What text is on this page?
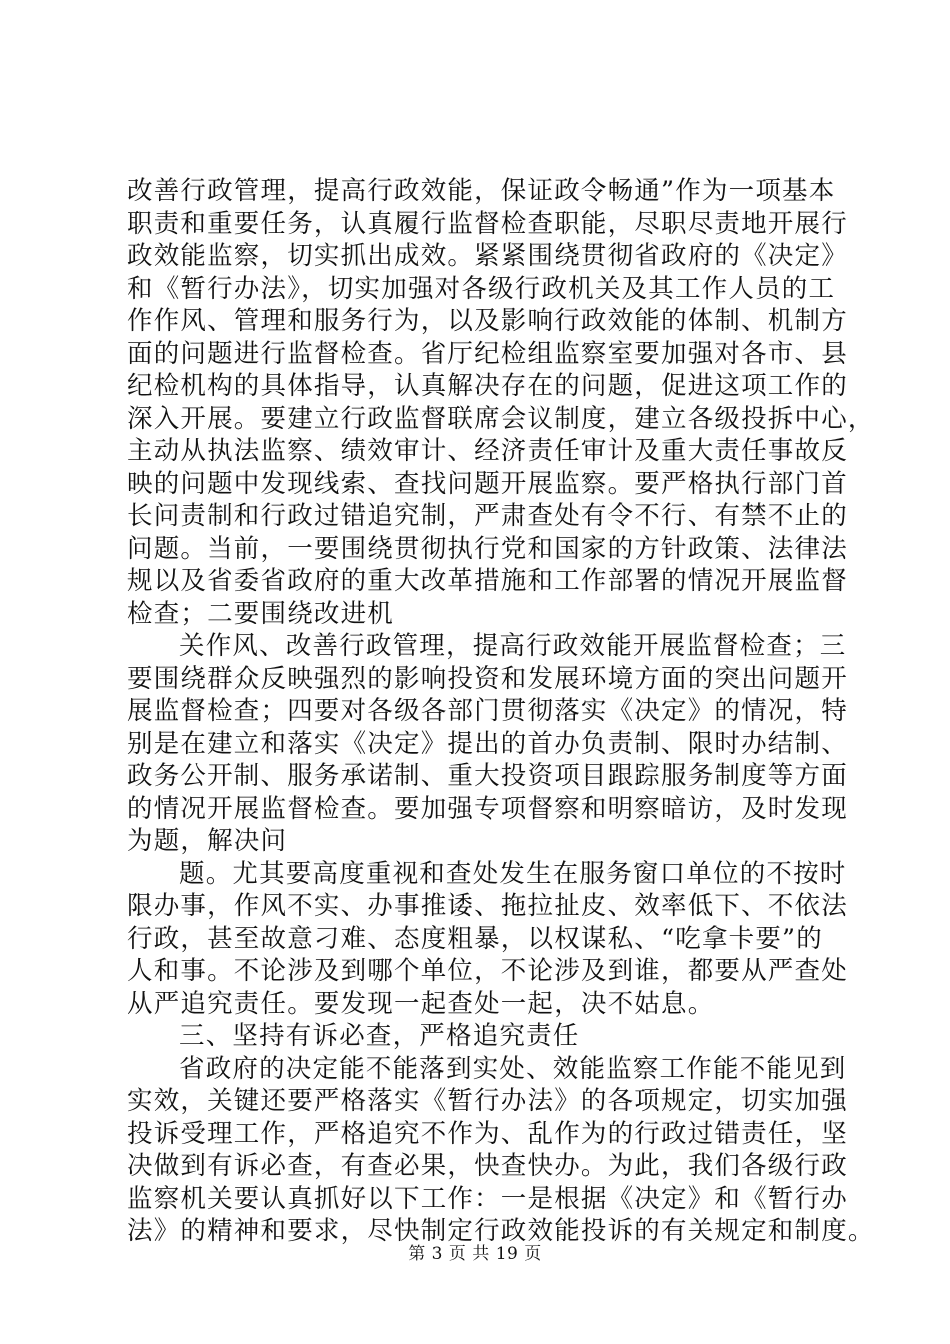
改善行政管理，提高行政效能，保证政令畅通”作为一项基本
职责和重要任务，认真履行监督检查职能，尽职尽责地开展行
政效能监察，切实抓出成效。紧紧围绕贯彻省政府的《决定》
和《暂行办法》，切实加强对各级行政机关及其工作人员的工
作作风、管理和服务行为，以及影响行政效能的体制、机制方
面的问题进行监督检查。省厅纪检组监察室要加强对各市、县
纪检机构的具体指导，认真解决存在的问题，促进这项工作的
深入开展。要建立行政监督联席会议制度，建立各级投拆中心，
主动从执法监察、绩效审计、经济责任审计及重大责任事故反
映的问题中发现线索、查找问题开展监察。要严格执行部门首
长问责制和行政过错追究制，严肃查处有令不行、有禁不止的
问题。当前，一要围绕贯彻执行党和国家的方针政策、法律法
规以及省委省政府的重大改革措施和工作部署的情况开展监督
检查；二要围绕改进机
关作风、改善行政管理，提高行政效能开展监督检查；三
要围绕群众反映强烈的影响投资和发展环境方面的突出问题开
展监督检查；四要对各级各部门贯彻落实《决定》的情况，特
别是在建立和落实《决定》提出的首办负责制、限时办结制、
政务公开制、服务承诺制、重大投资项目跟踪服务制度等方面
的情况开展监督检查。要加强专项督察和明察暗访，及时发现
为题，解决问
题。尤其要高度重视和查处发生在服务窗口单位的不按时
限办事，作风不实、办事推诿、拖拉扯皮、效率低下、不依法
行政，甚至故意刁难、态度粗暴，以权谋私、“吃拿卡要”的
人和事。不论涉及到哪个单位，不论涉及到谁，都要从严查处
从严追究责任。要发现一起查处一起，决不姑息。
三、坚持有诉必查，严格追究责任
省政府的决定能不能落到实处、效能监察工作能不能见到
实效，关键还要严格落实《暂行办法》的各项规定，切实加强
投诉受理工作，严格追究不作为、乱作为的行政过错责任，坚
决做到有诉必查，有查必果，快查快办。为此，我们各级行政
监察机关要认真抓好以下工作：一是根据《决定》和《暂行办
法》的精神和要求，尽快制定行政效能投诉的有关规定和制度。
第 3 页 共 19 页
